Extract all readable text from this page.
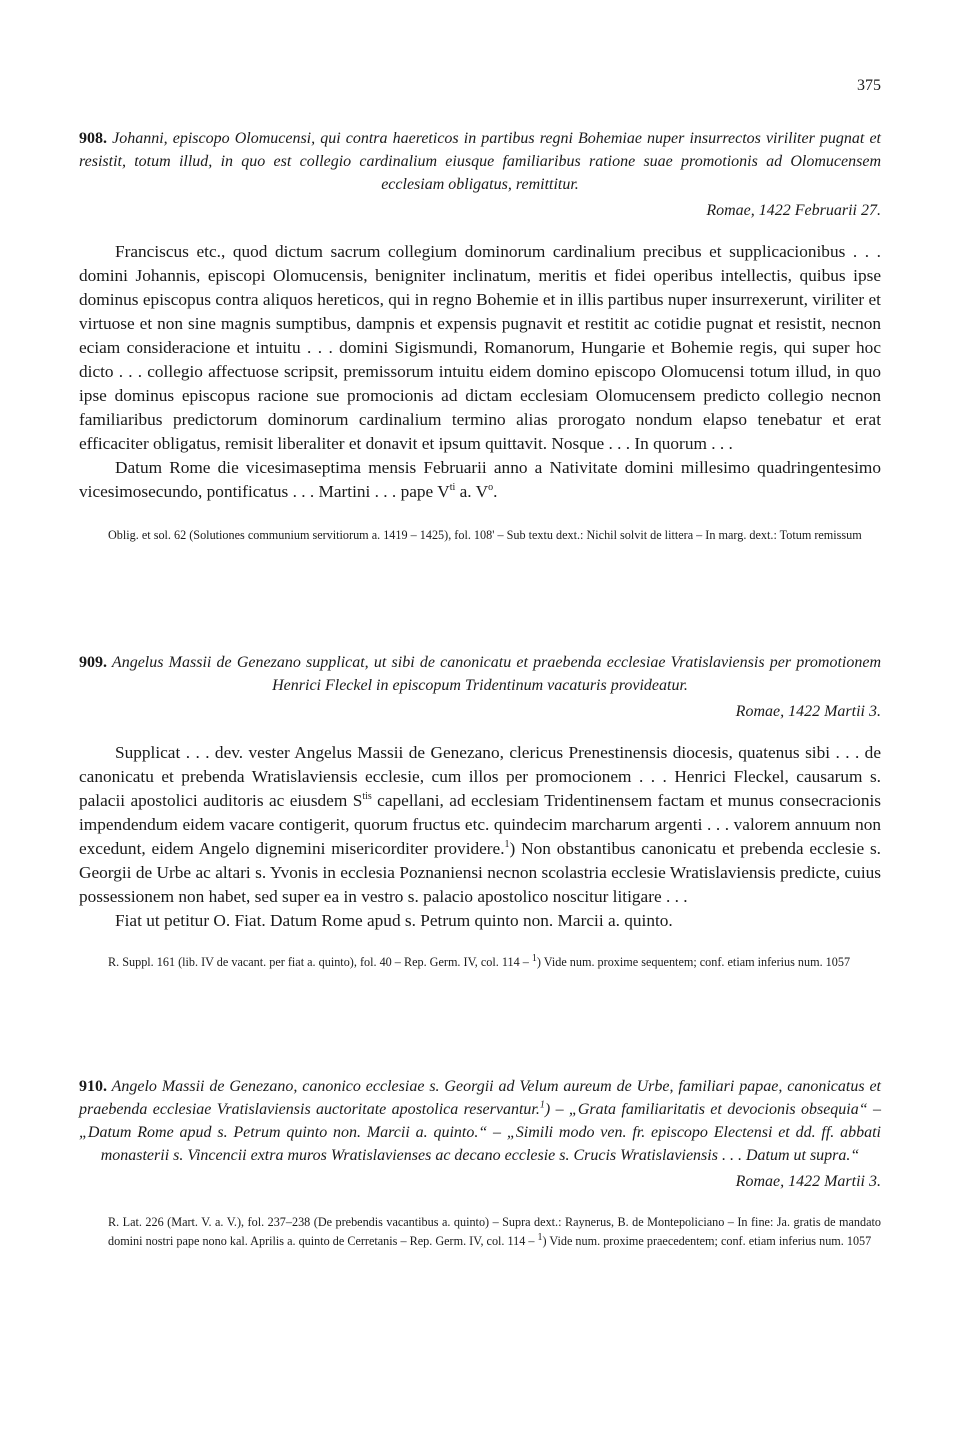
375
908. Johanni, episcopo Olomucensi, qui contra haereticos in partibus regni Bohemiae nuper insurrectos viriliter pugnat et resistit, totum illud, in quo est collegio cardinalium eiusque familiaribus ratione suae promotionis ad Olomucensem ecclesiam obligatus, remittitur.
Romae, 1422 Februarii 27.

Franciscus etc., quod dictum sacrum collegium dominorum cardinalium precibus et supplicacionibus . . . domini Johannis, episcopi Olomucensis, benigniter inclinatum, meritis et fidei operibus intellectis, quibus ipse dominus episcopus contra aliquos hereticos, qui in regno Bohemie et in illis partibus nuper insurrexerunt, viriliter et virtuose et non sine magnis sumptibus, dampnis et expensis pugnavit et restitit ac cotidie pugnat et resistit, necnon eciam consideracione et intuitu . . . domini Sigismundi, Romanorum, Hungarie et Bohemie regis, qui super hoc dicto . . . collegio affectuose scripsit, premissorum intuitu eidem domino episcopo Olomucensi totum illud, in quo ipse dominus episcopus racione sue promocionis ad dictam ecclesiam Olomucensem predicto collegio necnon familiaribus predictorum dominorum cardinalium termino alias prorogato nondum elapso tenebatur et erat efficaciter obligatus, remisit liberaliter et donavit et ipsum quittavit. Nosque . . . In quorum . . .

Datum Rome die vicesimaseptima mensis Februarii anno a Nativitate domini millesimo quadringentesimo vicesimosecundo, pontificatus . . . Martini . . . pape $V^{ti}$ a. $V^o$.

Oblig. et sol. 62 (Solutiones communium servitiorum a. 1419 – 1425), fol. 108' – Sub textu dext.: Nichil solvit de littera – In marg. dext.: Totum remissum
909. Angelus Massii de Genezano supplicat, ut sibi de canonicatu et praebenda ecclesiae Vratislaviensis per promotionem Henrici Fleckel in episcopum Tridentinum vacaturis provideatur.
Romae, 1422 Martii 3.

Supplicat . . . dev. vester Angelus Massii de Genezano, clericus Prenestinensis diocesis, quatenus sibi . . . de canonicatu et prebenda Wratislaviensis ecclesie, cum illos per promocionem . . . Henrici Fleckel, causarum s. palacii apostolici auditoris ac eiusdem $S^{tis}$ capellani, ad ecclesiam Tridentinensem factam et munus consecracionis impendendum eidem vacare contigerit, quorum fructus etc. quindecim marcharum argenti . . . valorem annuum non excedunt, eidem Angelo dignemini misericorditer providere.$^1$) Non obstantibus canonicatu et prebenda ecclesie s. Georgii de Urbe ac altari s. Yvonis in ecclesia Poznaniensi necnon scolastria ecclesie Wratislaviensis predicte, cuius possessionem non habet, sed super ea in vestro s. palacio apostolico noscitur litigare . . .

Fiat ut petitur O. Fiat. Datum Rome apud s. Petrum quinto non. Marcii a. quinto.

R. Suppl. 161 (lib. IV de vacant. per fiat a. quinto), fol. 40 – Rep. Germ. IV, col. 114 – $^1$) Vide num. proxime sequentem; conf. etiam inferius num. 1057
910. Angelo Massii de Genezano, canonico ecclesiae s. Georgii ad Velum aureum de Urbe, familiari papae, canonicatus et praebenda ecclesiae Vratislaviensis auctoritate apostolica reservantur.$^1$) – „Grata familiaritatis et devocionis obsequia“ – „Datum Rome apud s. Petrum quinto non. Marcii a. quinto.“ – „Simili modo ven. fr. episcopo Electensi et dd. ff. abbati monasterii s. Vincencii extra muros Wratislavienses ac decano ecclesie s. Crucis Wratislaviensis . . . Datum ut supra.“
Romae, 1422 Martii 3.
R. Lat. 226 (Mart. V. a. V.), fol. 237–238 (De prebendis vacantibus a. quinto) – Supra dext.: Raynerus, B. de Montepoliciano – In fine: Ja. gratis de mandato domini nostri pape nono kal. Aprilis a. quinto de Cerretanis – Rep. Germ. IV, col. 114 – $^1$) Vide num. proxime praecedentem; conf. etiam inferius num. 1057
